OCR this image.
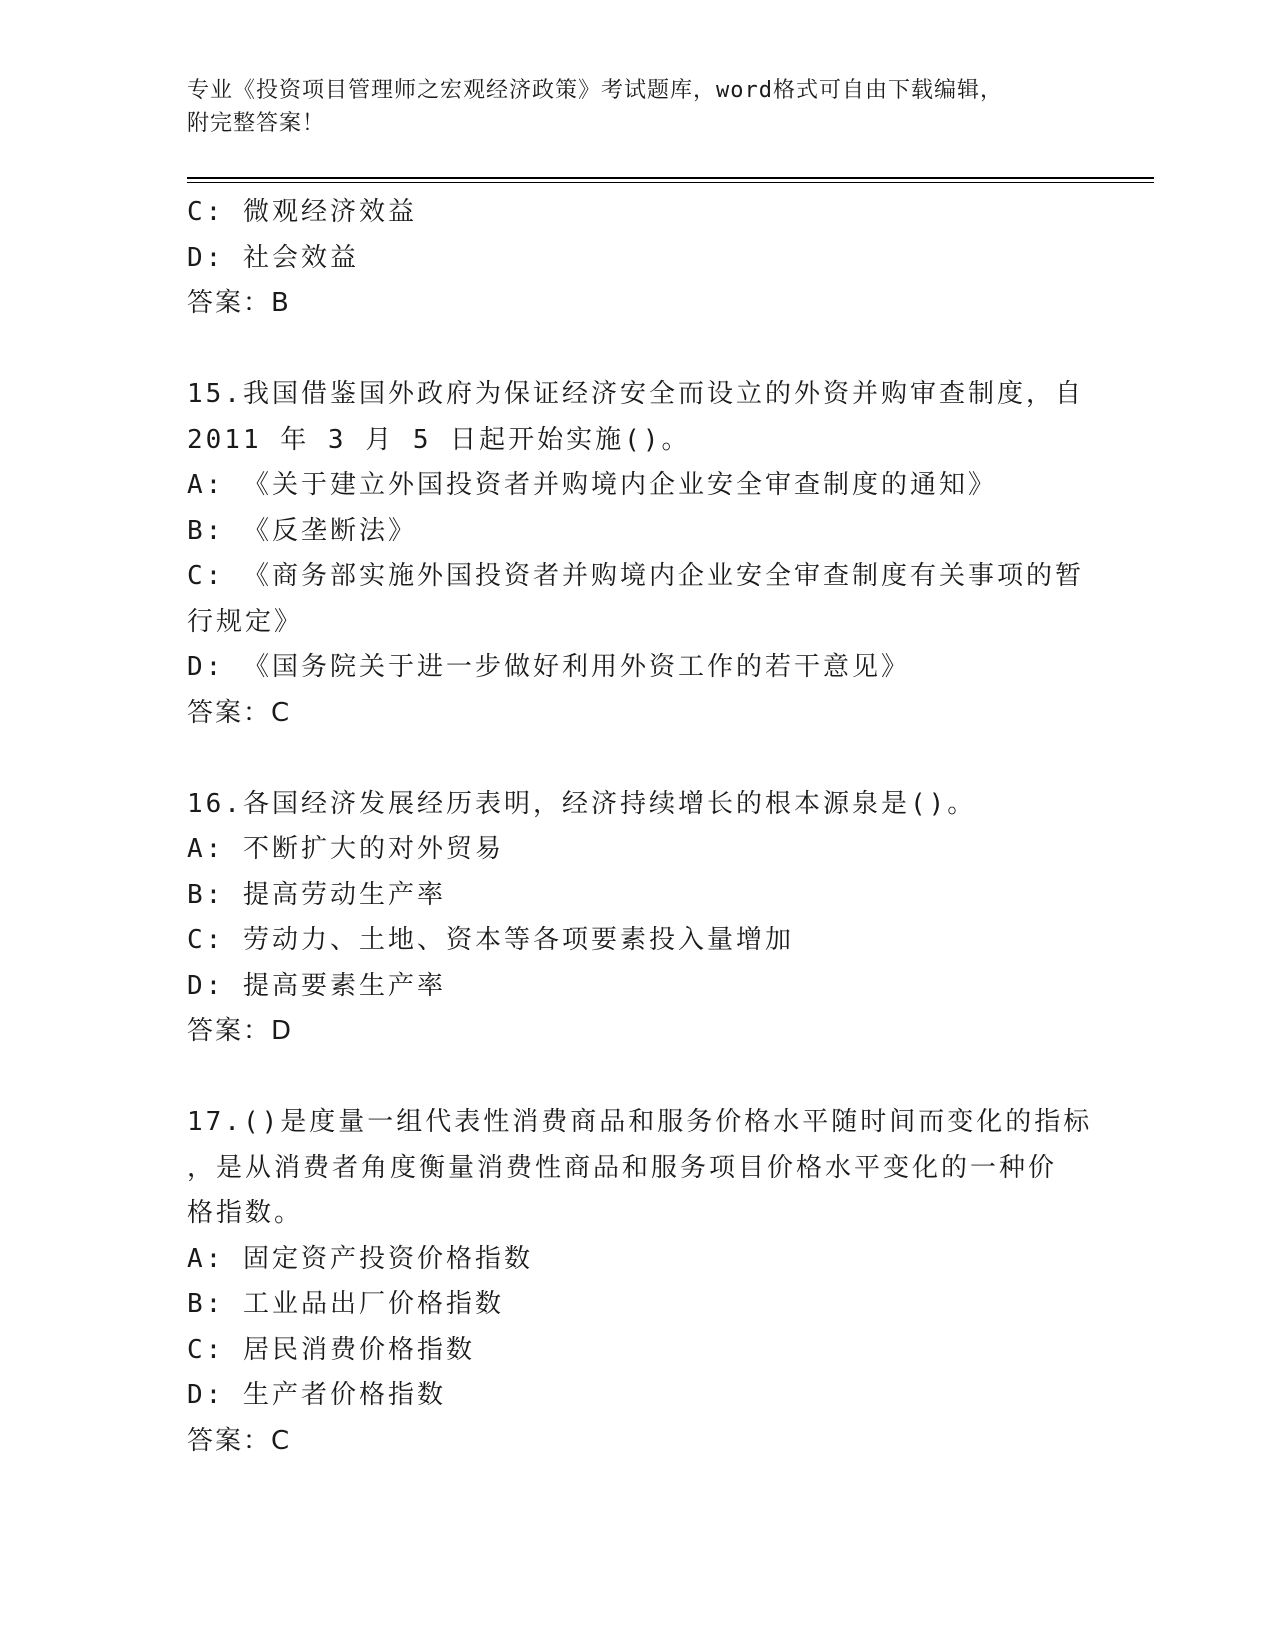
专业《投资项目管理师之宏观经济政策》考试题库，word格式可自由下载编辑，
附完整答案！
C: 微观经济效益
D: 社会效益
答案：B
15.我国借鉴国外政府为保证经济安全而设立的外资并购审查制度，自
2011 年 3 月 5 日起开始实施()。
A: 《关于建立外国投资者并购境内企业安全审查制度的通知》
B: 《反垄断法》
C: 《商务部实施外国投资者并购境内企业安全审查制度有关事项的暂
行规定》
D: 《国务院关于进一步做好利用外资工作的若干意见》
答案：C
16.各国经济发展经历表明，经济持续增长的根本源泉是()。
A: 不断扩大的对外贸易
B: 提高劳动生产率
C: 劳动力、土地、资本等各项要素投入量增加
D: 提高要素生产率
答案：D
17.()是度量一组代表性消费商品和服务价格水平随时间而变化的指标
，是从消费者角度衡量消费性商品和服务项目价格水平变化的一种价
格指数。
A: 固定资产投资价格指数
B: 工业品出厂价格指数
C: 居民消费价格指数
D: 生产者价格指数
答案：C
